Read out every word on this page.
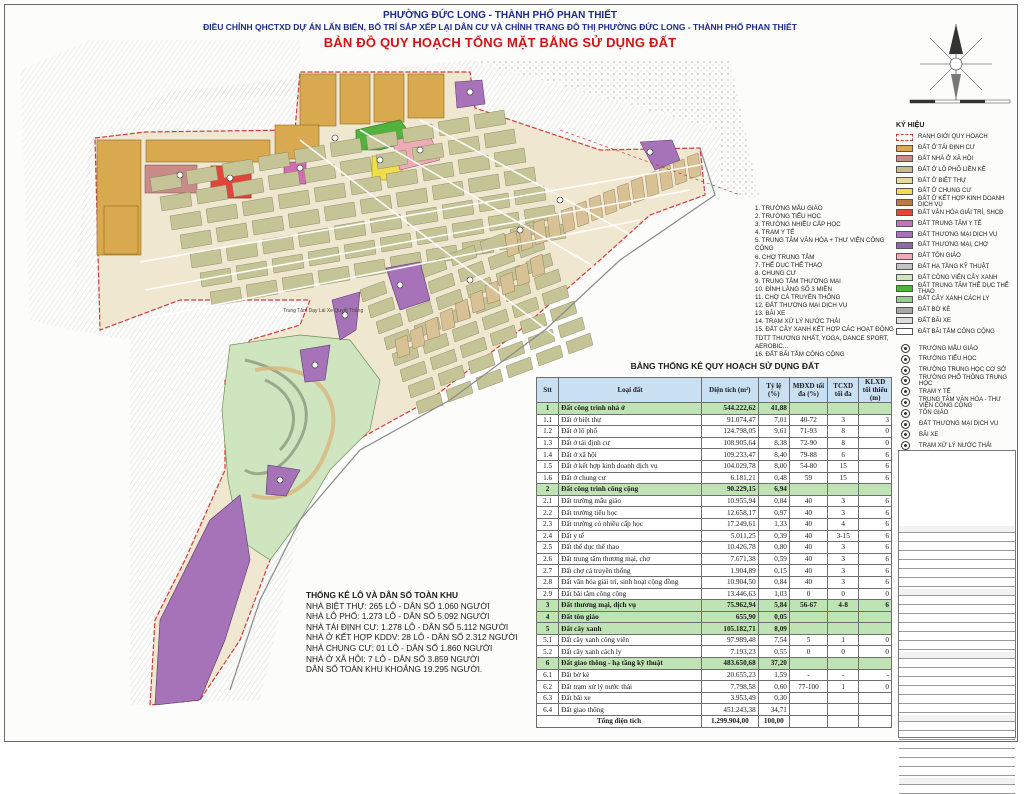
PHƯỜNG ĐỨC LONG - THÀNH PHỐ PHAN THIẾT
ĐIỀU CHỈNH QHCTXD DỰ ÁN LẤN BIỂN, BỐ TRÍ SẮP XẾP LẠI DÂN CƯ VÀ CHỈNH TRANG ĐÔ THỊ PHƯỜNG ĐỨC LONG - THÀNH PHỐ PHAN THIẾT
BẢN ĐỒ QUY HOẠCH TỔNG MẶT BẰNG SỬ DỤNG ĐẤT
Trung Tâm Dạy Lái Xe Quyết Thắng
1. TRƯỜNG MẪU GIÁO
2. TRƯỜNG TIỂU HỌC
3. TRƯỜNG NHIỀU CẤP HỌC
4. TRẠM Y TẾ
5. TRUNG TÂM VĂN HÓA + THƯ VIỆN CÔNG CỘNG
6. CHỢ TRUNG TÂM
7. THỂ DỤC THỂ THAO
8. CHUNG CƯ
9. TRUNG TÂM THƯƠNG MẠI
10. ĐÌNH LÀNG SỐ 3 MIỀN
11. CHỢ CÁ TRUYỀN THỐNG
12. ĐẤT THƯƠNG MẠI DỊCH VỤ
13. BÃI XE
14. TRẠM XỬ LÝ NƯỚC THẢI
15. ĐẤT CÂY XANH KẾT HỢP CÁC HOẠT ĐỘNG TDTT THƯƠNG NHẤT, YOGA, DANCE SPORT, AEROBIC...
16. ĐẤT BÃI TẮM CÔNG CỘNG
KÝ HIỆU
RANH GIỚI QUY HOẠCH
ĐẤT Ở TÁI ĐỊNH CƯ
ĐẤT NHÀ Ở XÃ HỘI
ĐẤT Ở LÔ PHỐ LIỀN KỀ
ĐẤT Ở BIỆT THỰ
ĐẤT Ở CHUNG CƯ
ĐẤT Ở KẾT HỢP KINH DOANH DỊCH VỤ
ĐẤT VĂN HÓA GIẢI TRÍ, SHCĐ
ĐẤT TRUNG TÂM Y TẾ
ĐẤT THƯƠNG MẠI DỊCH VỤ
ĐẤT THƯƠNG MẠI, CHỢ
ĐẤT TÔN GIÁO
ĐẤT HẠ TẦNG KỸ THUẬT
ĐẤT CÔNG VIÊN CÂY XANH
ĐẤT TRUNG TÂM THỂ DỤC THỂ THAO
ĐẤT CÂY XANH CÁCH LY
ĐẤT BỜ KÈ
ĐẤT BÃI XE
ĐẤT BÃI TẮM CÔNG CỘNG
TRƯỜNG MẪU GIÁO
TRƯỜNG TIỂU HỌC
TRƯỜNG TRUNG HỌC CƠ SỞ
TRƯỜNG PHỔ THÔNG TRUNG HỌC
TRẠM Y TẾ
TRUNG TÂM VĂN HÓA - THƯ VIỆN CÔNG CỘNG
TÔN GIÁO
ĐẤT THƯƠNG MẠI DỊCH VỤ
BÃI XE
TRẠM XỬ LÝ NƯỚC THẢI
BẢNG THỐNG KÊ QUY HOẠCH SỬ DỤNG ĐẤT
Stt	Loại đất	Diện tích (m²)	Tỷ lệ (%)	MĐXD tối đa (%)	TCXD tối đa	KLXD tối thiểu (m)
1	Đất công trình nhà ở	544.222,62	41,88			
1.1	Đất ở biệt thự	91.074,47	7,01	40-72	3	3
1.2	Đất ở lô phố	124.798,05	9,61	71-93	8	0
1.3	Đất ở tái định cư	108.905,64	8,38	72-90	8	0
1.4	Đất ở xã hội	109.233,47	8,40	79-88	6	6
1.5	Đất ở kết hợp kinh doanh dịch vụ	104.029,78	8,00	54-80	15	6
1.6	Đất ở chung cư	6.181,21	0,48	59	15	6
2	Đất công trình công cộng	90.229,15	6,94			
2.1	Đất trường mẫu giáo	10.955,94	0,84	40	3	6
2.2	Đất trường tiểu học	12.658,17	0,97	40	3	6
2.3	Đất trường có nhiều cấp học	17.249,61	1,33	40	4	6
2.4	Đất y tế	5.011,25	0,39	40	3-15	6
2.5	Đất thể dục thể thao	10.426,78	0,80	40	3	6
2.6	Đất trung tâm thương mại, chợ	7.671,38	0,59	40	3	6
2.7	Đất chợ cá truyền thống	1.904,89	0,15	40	3	6
2.8	Đất văn hóa giải trí, sinh hoạt cộng đồng	10.904,50	0,84	40	3	6
2.9	Đất bãi tắm công cộng	13.446,63	1,03	0	0	0
3	Đất thương mại, dịch vụ	75.962,94	5,84	56-67	4-8	6
4	Đất tôn giáo	655,90	0,05			
5	Đất cây xanh	105.182,71	8,09			
5.1	Đất cây xanh công viên	97.989,48	7,54	5	1	0
5.2	Đất cây xanh cách ly	7.193,23	0,55	0	0	0
6	Đất giao thông - hạ tầng kỹ thuật	483.650,68	37,20			
6.1	Đất bờ kè	20.655,23	1,59	-	-	-
6.2	Đất trạm xử lý nước thải	7.798,58	0,60	77-100	1	0
6.3	Đất bãi xe	3.953,49	0,30			
6.4	Đất giao thông	451.243,38	34,71			
Tổng diện tích		1.299.904,00	100,00			
THỐNG KÊ LÔ VÀ DÂN SỐ TOÀN KHU
NHÀ BIỆT THỰ: 265 LÔ - DÂN SỐ 1.060 NGƯỜI
NHÀ LÔ PHỐ: 1.273 LÔ - DÂN SỐ 5.092 NGƯỜI
NHÀ TÁI ĐỊNH CƯ: 1.278 LÔ - DÂN SỐ 5.112 NGƯỜI
NHÀ Ở KẾT HỢP KDDV: 28 LÔ - DÂN SỐ 2.312 NGƯỜI
NHÀ CHUNG CƯ: 01 LÔ - DÂN SỐ 1.860 NGƯỜI
NHÀ Ở XÃ HỘI: 7 LÔ - DÂN SỐ 3.859 NGƯỜI
DÂN SỐ TOÀN KHU KHOẢNG 19.295 NGƯỜI.
